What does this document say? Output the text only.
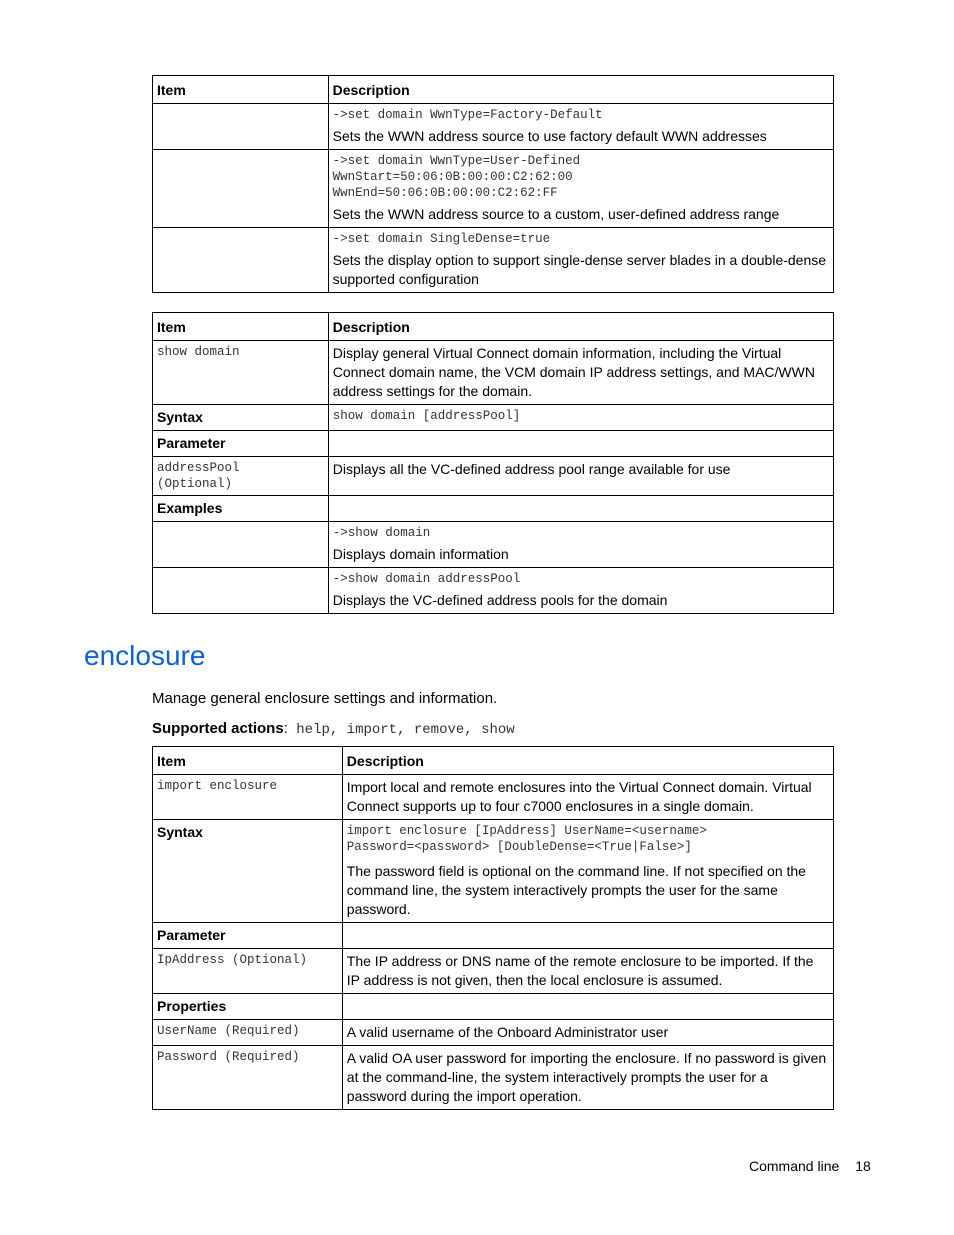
Item	Description

	->set domain WwnType=Factory-Default
Sets the WWN address source to use factory default WWN addresses

	->set domain WwnType=User-Defined
WwnStart=50:06:0B:00:00:C2:62:00
WwnEnd=50:06:0B:00:00:C2:62:FF
Sets the WWN address source to a custom, user-defined address range

	->set domain SingleDense=true
Sets the display option to support single-dense server blades in a double-dense supported configuration
Item	Description

show domain	Display general Virtual Connect domain information, including the Virtual Connect domain name, the VCM domain IP address settings, and MAC/WWN address settings for the domain.
Syntax	show domain [addressPool]

Parameter	

addressPool
(Optional)	Displays all the VC-defined address pool range available for use
Examples	

	->show domain
Displays domain information

	->show domain addressPool
Displays the VC-defined address pools for the domain
enclosure

Manage general enclosure settings and information.

Supported actions: help, import, remove, show

Item	Description

import enclosure	Import local and remote enclosures into the Virtual Connect domain. Virtual Connect supports up to four c7000 enclosures in a single domain.
Syntax	import enclosure [IpAddress] UserName=<username>
Password=<password> [DoubleDense=<True|False>]
The password field is optional on the command line. If not specified on the command line, the system interactively prompts the user for the same password.

Parameter	

IpAddress (Optional)	The IP address or DNS name of the remote enclosure to be imported. If the IP address is not given, then the local enclosure is assumed.
Properties	

UserName (Required)	A valid username of the Onboard Administrator user

Password (Required)	A valid OA user password for importing the enclosure. If no password is given at the command-line, the system interactively prompts the user for a password during the import operation.
Command line 18
